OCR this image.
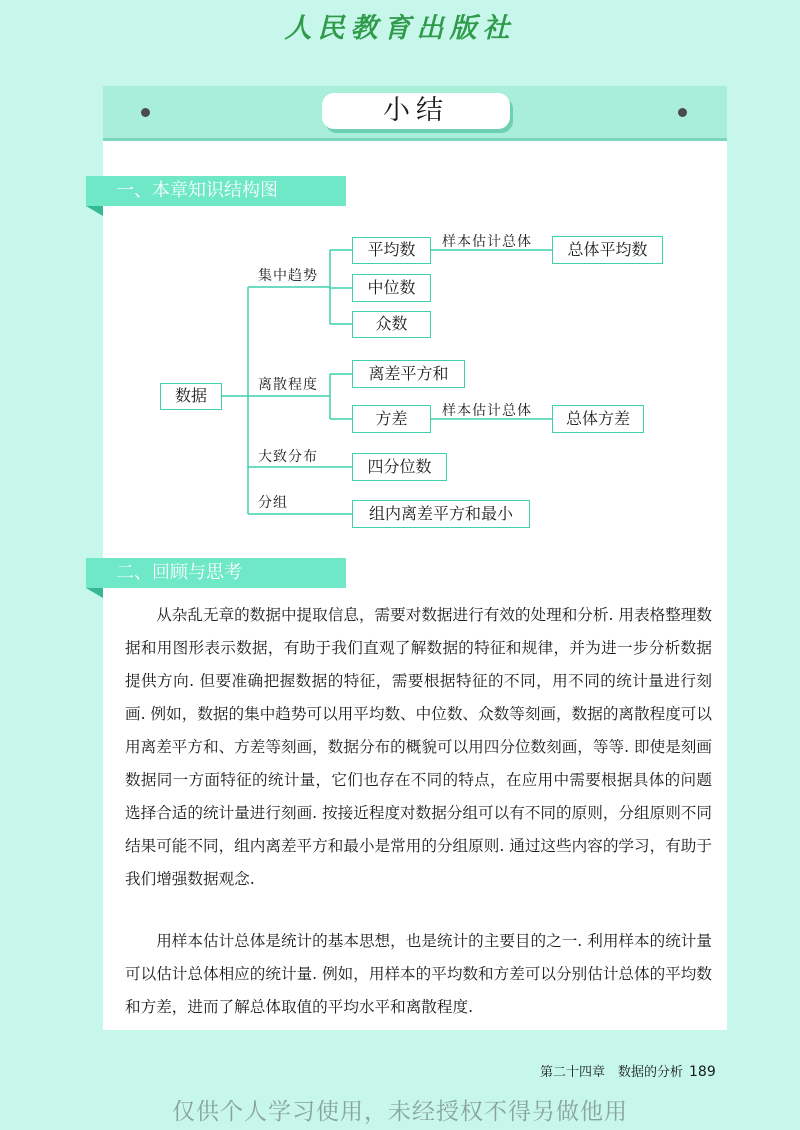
人民教育出版社
小结
一、本章知识结构图
数据
集中趋势
离散程度
大致分布
分组
平均数
中位数
众数
离差平方和
方差
四分位数
组内离差平方和最小
总体平均数
总体方差
样本估计总体
样本估计总体
二、回顾与思考

从杂乱无章的数据中提取信息，需要对数据进行有效的处理和分析. 用表格整理数据和用图形表示数据，有助于我们直观了解数据的特征和规律，并为进一步分析数据提供方向. 但要准确把握数据的特征，需要根据特征的不同，用不同的统计量进行刻画. 例如，数据的集中趋势可以用平均数、中位数、众数等刻画，数据的离散程度可以用离差平方和、方差等刻画，数据分布的概貌可以用四分位数刻画，等等. 即使是刻画数据同一方面特征的统计量，它们也存在不同的特点，在应用中需要根据具体的问题选择合适的统计量进行刻画. 按接近程度对数据分组可以有不同的原则，分组原则不同结果可能不同，组内离差平方和最小是常用的分组原则. 通过这些内容的学习，有助于我们增强数据观念.

用样本估计总体是统计的基本思想，也是统计的主要目的之一. 利用样本的统计量可以估计总体相应的统计量. 例如，用样本的平均数和方差可以分别估计总体的平均数和方差，进而了解总体取值的平均水平和离散程度.

第二十四章　数据的分析 189
仅供个人学习使用，未经授权不得另做他用
